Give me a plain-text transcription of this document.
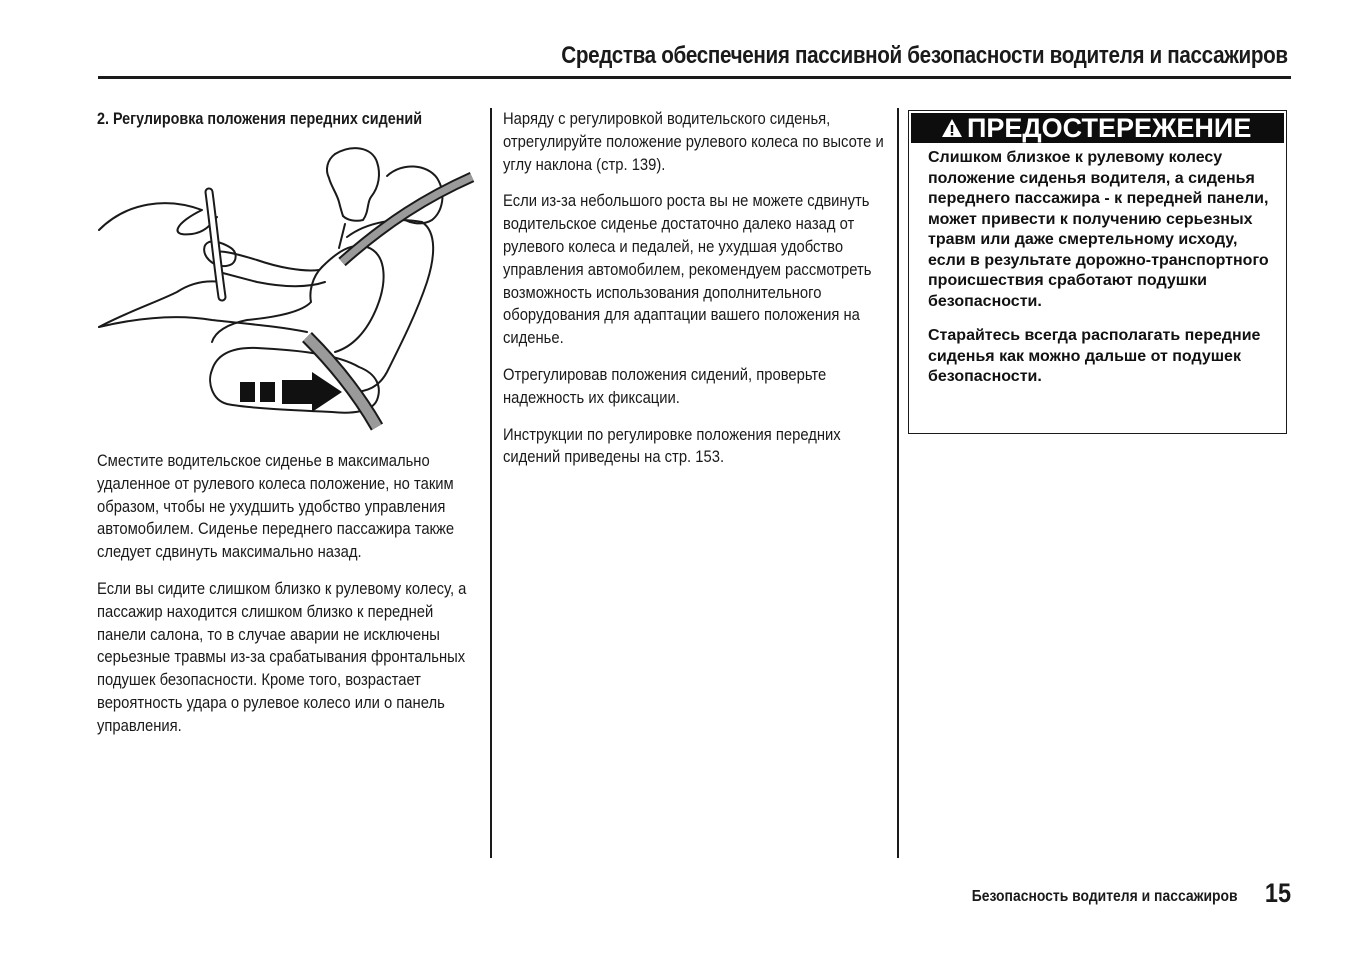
Средства обеспечения пассивной безопасности водителя и пассажиров
2. Регулировка положения передних сидений

Сместите водительское сиденье в максимально удаленное от рулевого колеса положение, но таким образом, чтобы не ухудшить удобство управления автомобилем. Сиденье переднего пассажира также следует сдвинуть максимально назад.

Если вы сидите слишком близко к рулевому колесу, а пассажир находится слишком близко к передней панели салона, то в случае аварии не исключены серьезные травмы из-за срабатывания фронтальных подушек безопасности. Кроме того, возрастает вероятность удара о рулевое колесо или о панель управления.

Наряду с регулировкой водительского сиденья, отрегулируйте положение рулевого колеса по высоте и углу наклона (стр. 139).

Если из-за небольшого роста вы не можете сдвинуть водительское сиденье достаточно далеко назад от рулевого колеса и педалей, не ухудшая удобство управления автомобилем, рекомендуем рассмотреть возможность использования дополнительного оборудования для адаптации вашего положения на сиденье.

Отрегулировав положения сидений, проверьте надежность их фиксации.

Инструкции по регулировке положения передних сидений приведены на стр. 153.

ПРЕДОСТЕРЕЖЕНИЕ

Слишком близкое к рулевому колесу положение сиденья водителя, а сиденья переднего пассажира - к передней панели, может привести к получению серьезных травм или даже смертельному исходу, если в результате дорожно-транспортного происшествия сработают подушки безопасности.

Старайтесь всегда располагать передние сиденья как можно дальше от подушек безопасности.

Безопасность водителя и пассажиров 15
